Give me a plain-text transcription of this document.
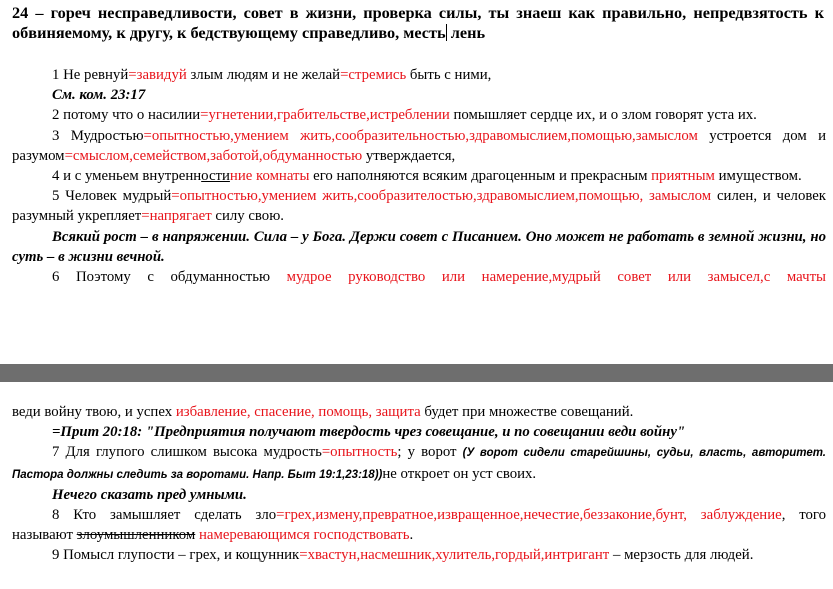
24 – гореч несправедливости, совет в жизни, проверка силы, ты знаеш как правильно, непредвзятость к обвиняемому, к другу, к бедствующему справедливо, месть лень

1 Не ревнуй=завидуй злым людям и не желай=стремись быть с ними,

См. ком. 23:17

2 потому что о насилии=угнетении,грабительстве,истреблении помышляет сердце их, и о злом говорят уста их.

3 Мудростью=опытностью,умением жить,сообразительностью,здравомыслием,помощью,замыслом устроется дом и разумом=смыслом,семейством,заботой,обдуманностью утверждается,

4 и с уменьем внутренностиние комнаты его наполняются всяким драгоценным и прекрасным приятным имуществом.

5 Человек мудрый=опытностью,умением жить,сообразителостью,здравомыслием,помощью, замыслом силен, и человек разумный укрепляет=напрягает силу свою.

Всякий рост – в напряжении. Сила – у Бога. Держи совет с Писанием. Оно может не работать в земной жизни, но суть – в жизни вечной.

6 Поэтому с обдуманностью мудрое руководство или намерение,мудрый совет или замысел,с мачты

веди войну твою, и успех избавление, спасение, помощь, защита будет при множестве совещаний.

=Прит 20:18: "Предприятия получают твердость чрез совещание, и по совещании веди войну"

7 Для глупого слишком высока мудрость=опытность; у ворот (У ворот сидели старейшины, судьи, власть, авторитет. Пастора должны следить за воротами. Напр. Быт 19:1,23:18))не откроет он уст своих.

Нечего сказать пред умными.

8 Кто замышляет сделать зло=грех,измену,превратное,извращенное,нечестие,беззаконие,бунт, заблуждение, того называют злоумышленником намеревающимся господствовать.

9 Помысл глупости – грех, и кощунник=хвастун,насмешник,хулитель,гордый,интригант – мерзость для людей.
